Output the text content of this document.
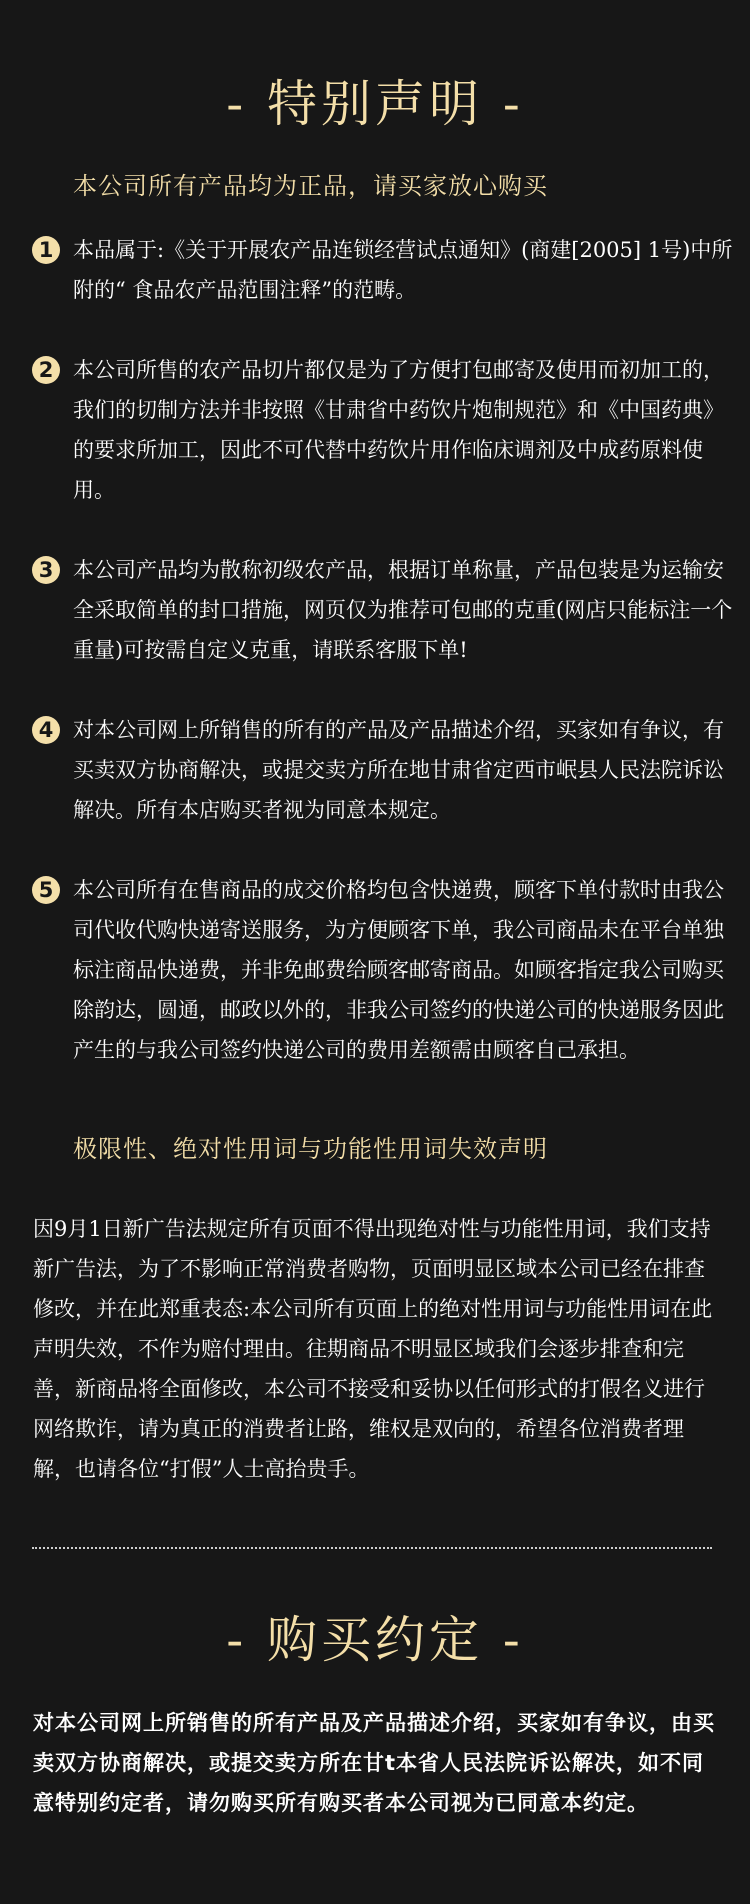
- 特别声明 -
本公司所有产品均为正品，请买家放心购买
1 本品属于:《关于开展农产品连锁经营试点通知》(商建[2005] 1号)中所附的“ 食品农产品范围注释”的范畴。
2 本公司所售的农产品切片都仅是为了方便打包邮寄及使用而初加工的，我们的切制方法并非按照《甘肃省中药饮片炮制规范》和《中国药典》的要求所加工，因此不可代替中药饮片用作临床调剂及中成药原料使用。
3 本公司产品均为散称初级农产品，根据订单称量，产品包装是为运输安全采取简单的封口措施，网页仅为推荐可包邮的克重(网店只能标注一个重量)可按需自定义克重，请联系客服下单!
4 对本公司网上所销售的所有的产品及产品描述介绍，买家如有争议，有买卖双方协商解决，或提交卖方所在地甘肃省定西市岷县人民法院诉讼解决。所有本店购买者视为同意本规定。
5 本公司所有在售商品的成交价格均包含快递费，顾客下单付款时由我公司代收代购快递寄送服务，为方便顾客下单，我公司商品未在平台单独标注商品快递费，并非免邮费给顾客邮寄商品。如顾客指定我公司购买除韵达，圆通，邮政以外的，非我公司签约的快递公司的快递服务因此产生的与我公司签约快递公司的费用差额需由顾客自己承担。
极限性、绝对性用词与功能性用词失效声明
因9月1日新广告法规定所有页面不得出现绝对性与功能性用词，我们支持新广告法，为了不影响正常消费者购物，页面明显区域本公司已经在排查修改，并在此郑重表态:本公司所有页面上的绝对性用词与功能性用词在此声明失效，不作为赔付理由。往期商品不明显区域我们会逐步排查和完善，新商品将全面修改，本公司不接受和妥协以任何形式的打假名义进行网络欺诈，请为真正的消费者让路，维权是双向的，希望各位消费者理解，也请各位“打假”人士高抬贵手。
- 购买约定 -
对本公司网上所销售的所有产品及产品描述介绍，买家如有争议，由买卖双方协商解决，或提交卖方所在甘t本省人民法院诉讼解决，如不同意特别约定者，请勿购买所有购买者本公司视为已同意本约定。
